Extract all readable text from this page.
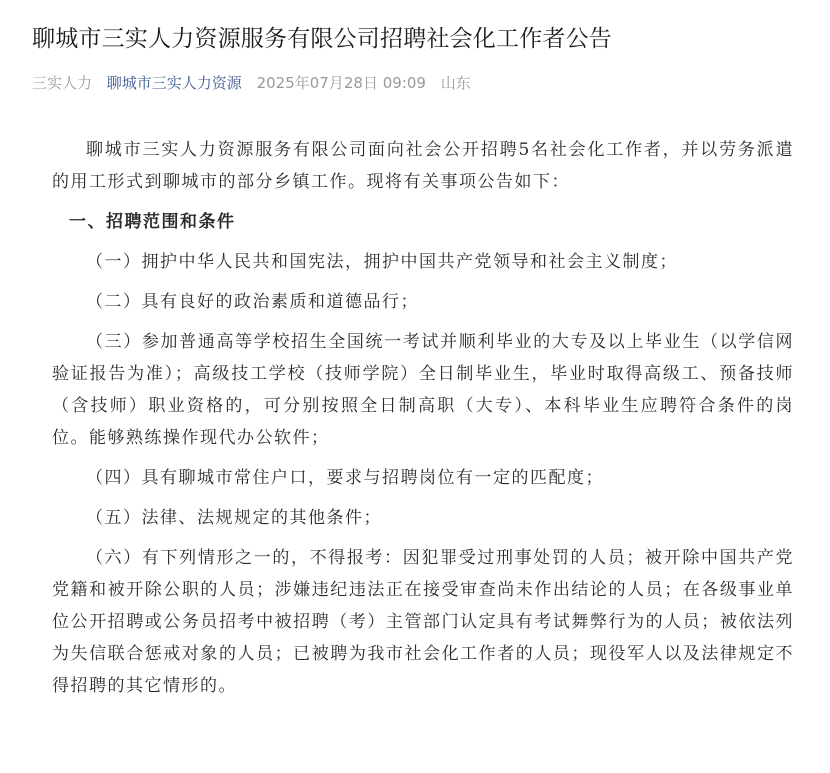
聊城市三实人力资源服务有限公司招聘社会化工作者公告
三实人力 聊城市三实人力资源 2025年07月28日 09:09 山东

聊城市三实人力资源服务有限公司面向社会公开招聘5名社会化工作者，并以劳务派遣的用工形式到聊城市的部分乡镇工作。现将有关事项公告如下：

一、招聘范围和条件

（一）拥护中华人民共和国宪法，拥护中国共产党领导和社会主义制度；

（二）具有良好的政治素质和道德品行；

（三）参加普通高等学校招生全国统一考试并顺利毕业的大专及以上毕业生（以学信网验证报告为准）；高级技工学校（技师学院）全日制毕业生，毕业时取得高级工、预备技师（含技师）职业资格的，可分别按照全日制高职（大专）、本科毕业生应聘符合条件的岗位。能够熟练操作现代办公软件；

（四）具有聊城市常住户口，要求与招聘岗位有一定的匹配度；

（五）法律、法规规定的其他条件；

（六）有下列情形之一的，不得报考：因犯罪受过刑事处罚的人员；被开除中国共产党党籍和被开除公职的人员；涉嫌违纪违法正在接受审查尚未作出结论的人员；在各级事业单位公开招聘或公务员招考中被招聘（考）主管部门认定具有考试舞弊行为的人员；被依法列为失信联合惩戒对象的人员；已被聘为我市社会化工作者的人员；现役军人以及法律规定不得招聘的其它情形的。
